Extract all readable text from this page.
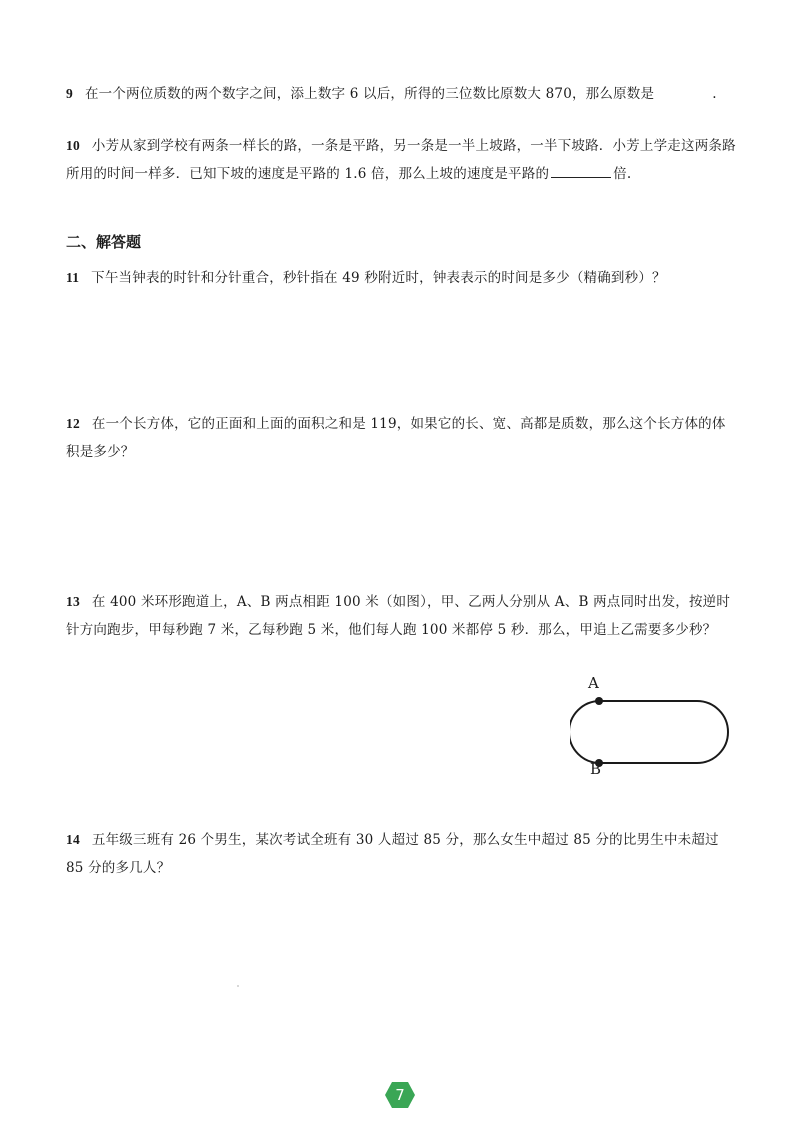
9 在一个两位质数的两个数字之间，添上数字 6 以后，所得的三位数比原数大 870，那么原数是	.
10 小芳从家到学校有两条一样长的路，一条是平路，另一条是一半上坡路，一半下坡路．小芳上学走这两条路所用的时间一样多．已知下坡的速度是平路的 1.6 倍，那么上坡的速度是平路的	倍.
二、解答题
11 下午当钟表的时针和分针重合，秒针指在 49 秒附近时，钟表表示的时间是多少（精确到秒）？
12 在一个长方体，它的正面和上面的面积之和是 119，如果它的长、宽、高都是质数，那么这个长方体的体积是多少？
13 在 400 米环形跑道上，A、B 两点相距 100 米（如图），甲、乙两人分别从 A、B 两点同时出发，按逆时针方向跑步，甲每秒跑 7 米，乙每秒跑 5 米，他们每人跑 100 米都停 5 秒．那么，甲追上乙需要多少秒？
A
B
14 五年级三班有 26 个男生，某次考试全班有 30 人超过 85 分，那么女生中超过 85 分的比男生中未超过 85 分的多几人？
7
